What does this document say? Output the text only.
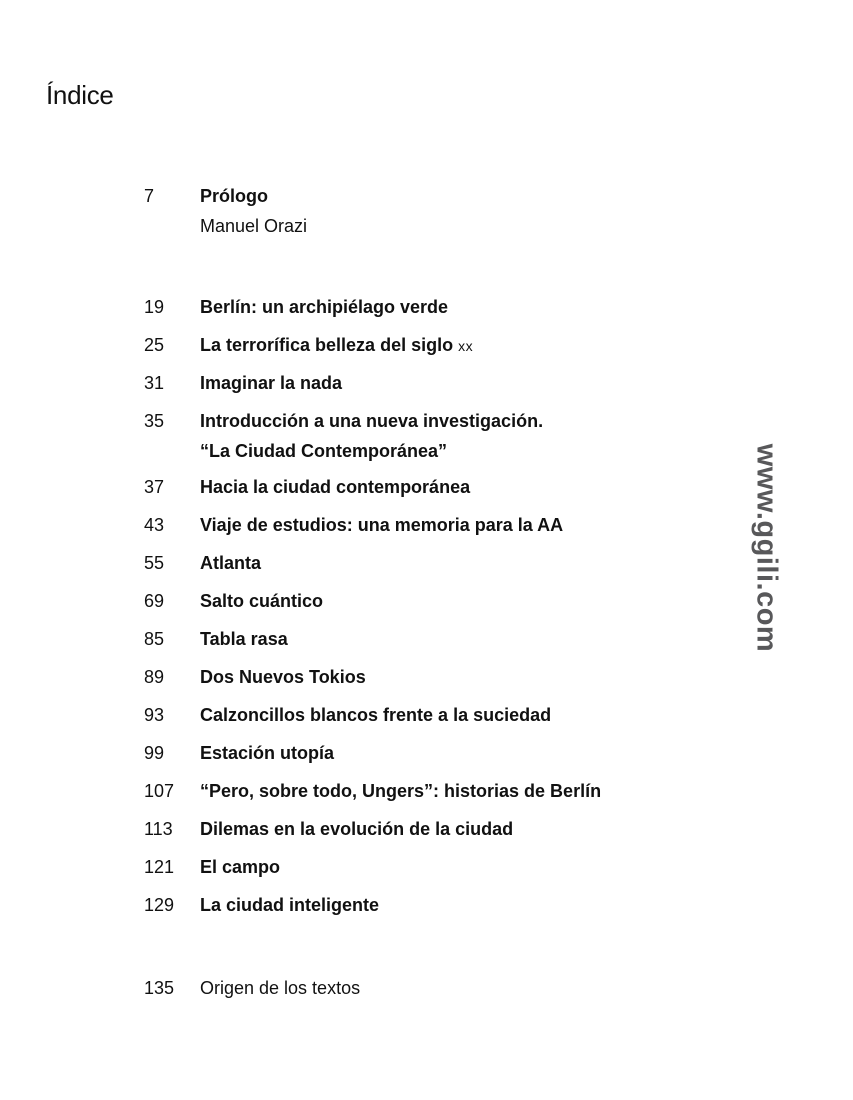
Índice
7	Prólogo
Manuel Orazi
19 Berlín: un archipiélago verde
25 La terrorífica belleza del siglo xx
31 Imaginar la nada
35 Introducción a una nueva investigación.
“La Ciudad Contemporánea”
37 Hacia la ciudad contemporánea
43 Viaje de estudios: una memoria para la AA
55 Atlanta
69 Salto cuántico
85 Tabla rasa
89 Dos Nuevos Tokios
93 Calzoncillos blancos frente a la suciedad
99 Estación utopía
107 “Pero, sobre todo, Ungers”: historias de Berlín
113 Dilemas en la evolución de la ciudad
121 El campo
129 La ciudad inteligente
135 Origen de los textos
www.ggili.com
